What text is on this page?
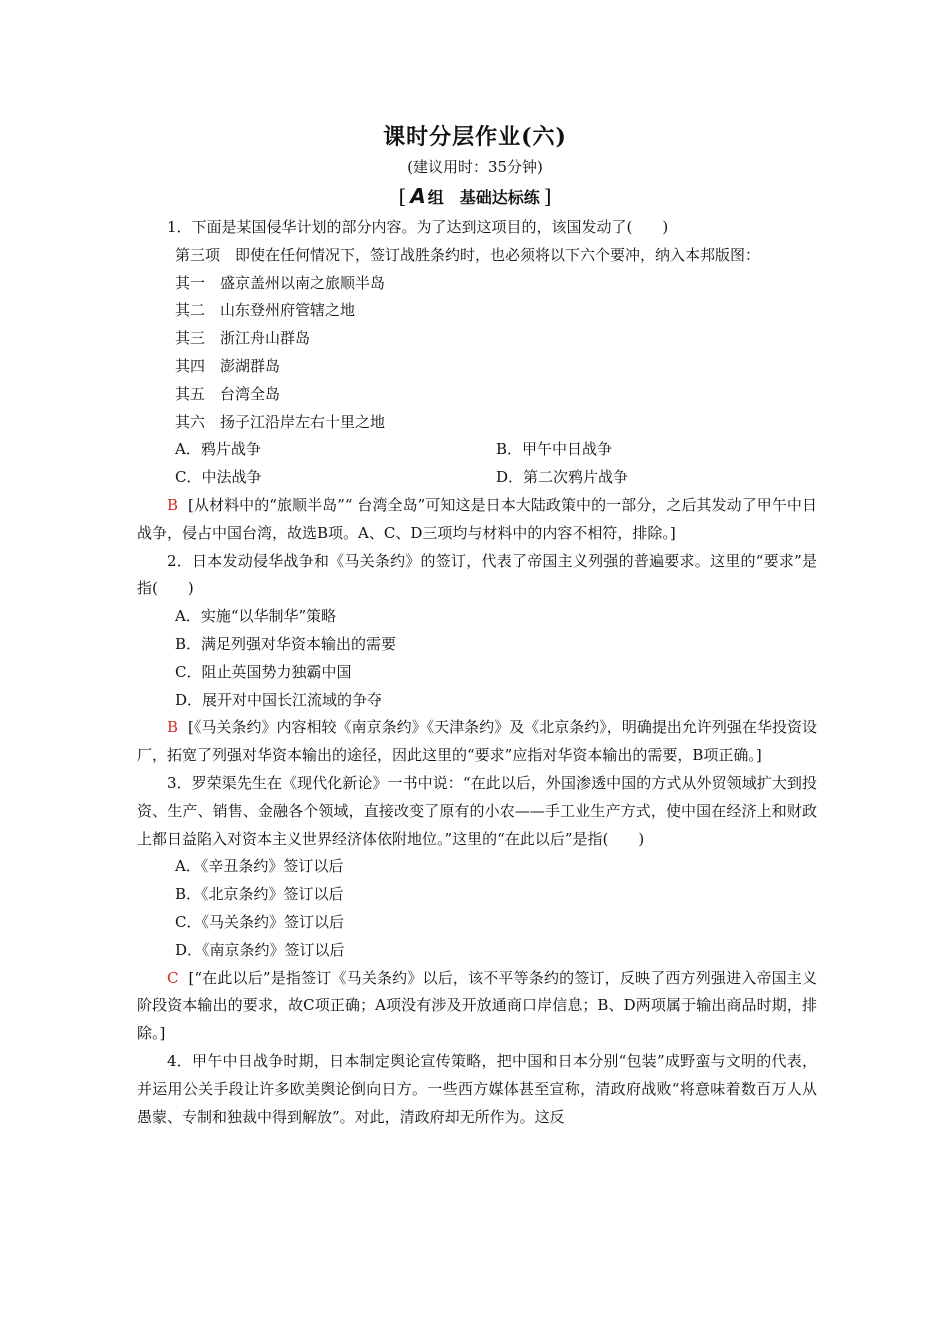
课时分层作业(六)
(建议用时：35分钟)
[ A 组　基础达标练 ]

1．下面是某国侵华计划的部分内容。为了达到这项目的，该国发动了(　　)

第三项　即使在任何情况下，签订战胜条约时，也必须将以下六个要冲，纳入本邦版图：

其一　盛京盖州以南之旅顺半岛

其二　山东登州府管辖之地

其三　浙江舟山群岛

其四　澎湖群岛

其五　台湾全岛

其六　扬子江沿岸左右十里之地

A．鸦片战争	B．甲午中日战争
C．中法战争	D．第二次鸦片战争

B [从材料中的“旅顺半岛”“ 台湾全岛”可知这是日本大陆政策中的一部分，之后其发动了甲午中日战争，侵占中国台湾，故选B项。A、C、D三项均与材料中的内容不相符，排除。]

2．日本发动侵华战争和《马关条约》的签订，代表了帝国主义列强的普遍要求。这里的“要求”是指(　　)

A．实施“以华制华”策略

B．满足列强对华资本输出的需要

C．阻止英国势力独霸中国

D．展开对中国长江流域的争夺

B [《马关条约》内容相较《南京条约》《天津条约》及《北京条约》，明确提出允许列强在华投资设厂，拓宽了列强对华资本输出的途径，因此这里的“要求”应指对华资本输出的需要，B项正确。]

3．罗荣渠先生在《现代化新论》一书中说：“在此以后，外国渗透中国的方式从外贸领域扩大到投资、生产、销售、金融各个领域，直接改变了原有的小农——手工业生产方式，使中国在经济上和财政上都日益陷入对资本主义世界经济体依附地位。”这里的“在此以后”是指(　　)

A．《辛丑条约》签订以后

B．《北京条约》签订以后

C．《马关条约》签订以后

D．《南京条约》签订以后

C [“在此以后”是指签订《马关条约》以后，该不平等条约的签订，反映了西方列强进入帝国主义阶段资本输出的要求，故C项正确；A项没有涉及开放通商口岸信息；B、D两项属于输出商品时期，排除。]

4．甲午中日战争时期，日本制定舆论宣传策略，把中国和日本分别“包装”成野蛮与文明的代表，并运用公关手段让许多欧美舆论倒向日方。一些西方媒体甚至宣称，清政府战败“将意味着数百万人从愚蒙、专制和独裁中得到解放”。对此，清政府却无所作为。这反
